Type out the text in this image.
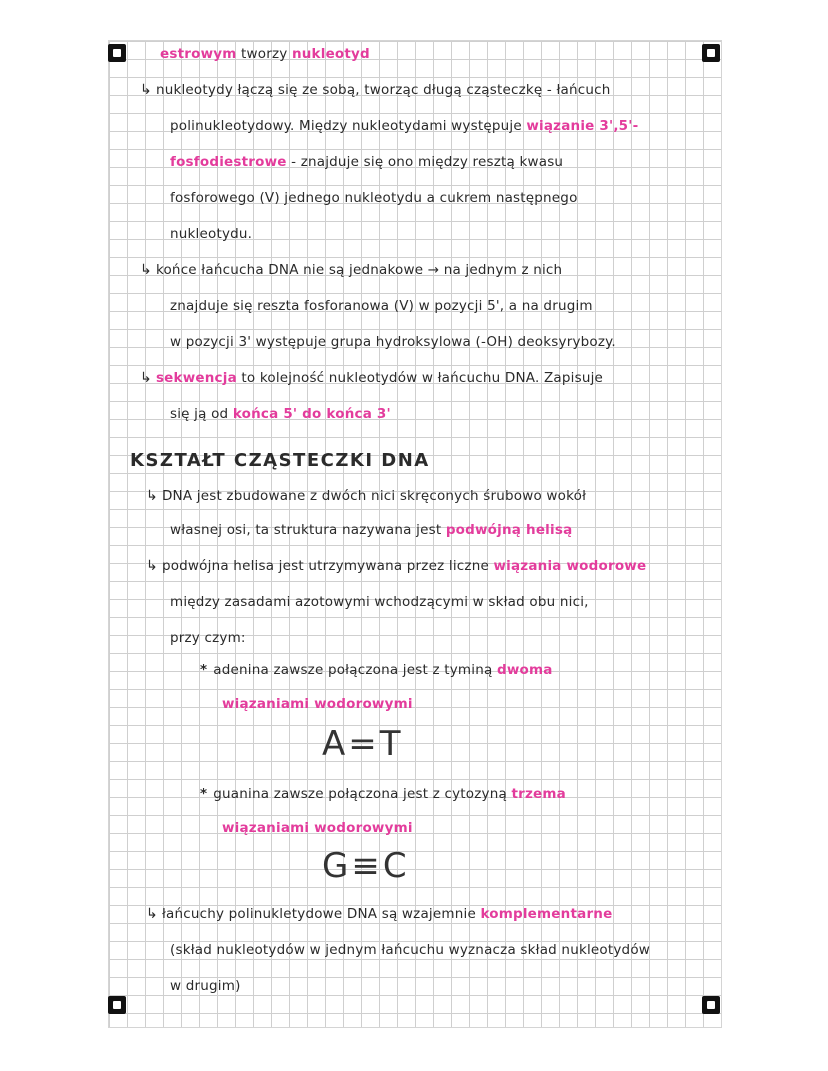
estrowym tworzy nukleotyd
↳ nukleotydy łączą się ze sobą, tworząc długą cząsteczkę - łańcuch
polinukleotydowy. Między nukleotydami występuje wiązanie 3',5'-
fosfodiestrowe - znajduje się ono między resztą kwasu
fosforowego (V) jednego nukleotydu a cukrem następnego
nukleotydu.
↳ końce łańcucha DNA nie są jednakowe → na jednym z nich
znajduje się reszta fosforanowa (V) w pozycji 5', a na drugim
w pozycji 3' występuje grupa hydroksylowa (-OH) deoksyrybozy.
↳ sekwencja to kolejność nukleotydów w łańcuchu DNA. Zapisuje
się ją od końca 5' do końca 3'
KSZTAŁT CZĄSTECZKI DNA
↳ DNA jest zbudowane z dwóch nici skręconych śrubowo wokół
własnej osi, ta struktura nazywana jest podwójną helisą
↳ podwójna helisa jest utrzymywana przez liczne wiązania wodorowe
między zasadami azotowymi wchodzącymi w skład obu nici,
przy czym:
* adenina zawsze połączona jest z tyminą dwoma
wiązaniami wodorowymi
A=T
* guanina zawsze połączona jest z cytozyną trzema
wiązaniami wodorowymi
G≡C
↳ łańcuchy polinukletydowe DNA są wzajemnie komplementarne
(skład nukleotydów w jednym łańcuchu wyznacza skład nukleotydów
w drugim)
